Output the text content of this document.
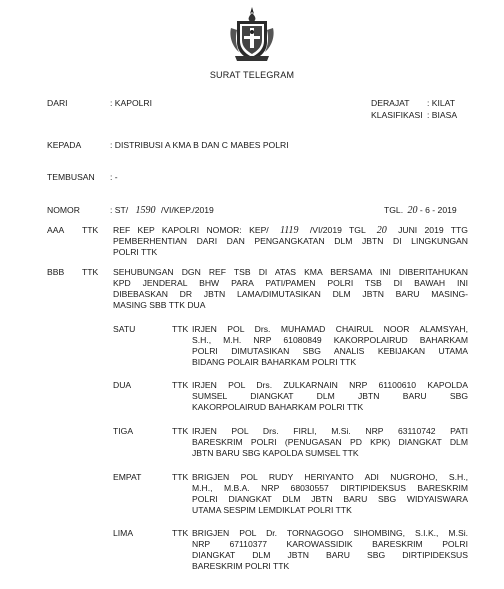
SURAT TELEGRAM
DARI	: KAPOLRI	DERAJAT : KILAT
KLASIFIKASI : BIASA
KEPADA	: DISTRIBUSI A KMA B DAN C MABES POLRI
TEMBUSAN : -
NOMOR	: ST/ 1590 /VI/KEP./2019	TGL. 20 - 6 - 2019
AAA TTK REF KEP KAPOLRI NOMOR: KEP/ 1119 /VI/2019 TGL 20 JUNI 2019 TTG
PEMBERHENTIAN DARI DAN PENGANGKATAN DLM JBTN DI LINGKUNGAN
POLRI TTK
BBB TTK SEHUBUNGAN DGN REF TSB DI ATAS KMA BERSAMA INI DIBERITAHUKAN
KPD JENDERAL BHW PARA PATI/PAMEN POLRI TSB DI BAWAH INI
DIBEBASKAN DR JBTN LAMA/DIMUTASIKAN DLM JBTN BARU MASING-
MASING SBB TTK DUA
SATU	TTK IRJEN POL Drs. MUHAMAD CHAIRUL NOOR ALAMSYAH,
S.H., M.H. NRP 61080849 KAKORPOLAIRUD BAHARKAM
POLRI DIMUTASIKAN SBG ANALIS KEBIJAKAN UTAMA
BIDANG POLAIR BAHARKAM POLRI TTK
DUA	TTK IRJEN POL Drs. ZULKARNAIN NRP 61100610 KAPOLDA
SUMSEL DIANGKAT DLM JBTN BARU SBG
KAKORPOLAIRUD BAHARKAM POLRI TTK
TIGA	TTK IRJEN POL Drs. FIRLI, M.Si. NRP 63110742 PATI
BARESKRIM POLRI (PENUGASAN PD KPK) DIANGKAT DLM
JBTN BARU SBG KAPOLDA SUMSEL TTK
EMPAT	TTK BRIGJEN POL RUDY HERIYANTO ADI NUGROHO, S.H.,
M.H., M.B.A. NRP 68030557 DIRTIPIDEKSUS BARESKRIM
POLRI DIANGKAT DLM JBTN BARU SBG WIDYAISWARA
UTAMA SESPIM LEMDIKLAT POLRI TTK
LIMA	TTK BRIGJEN POL Dr. TORNAGOGO SIHOMBING, S.I.K., M.Si.
NRP 67110377 KAROWASSIDIK BARESKRIM POLRI
DIANGKAT DLM JBTN BARU SBG DIRTIPIDEKSUS
BARESKRIM POLRI TTK
